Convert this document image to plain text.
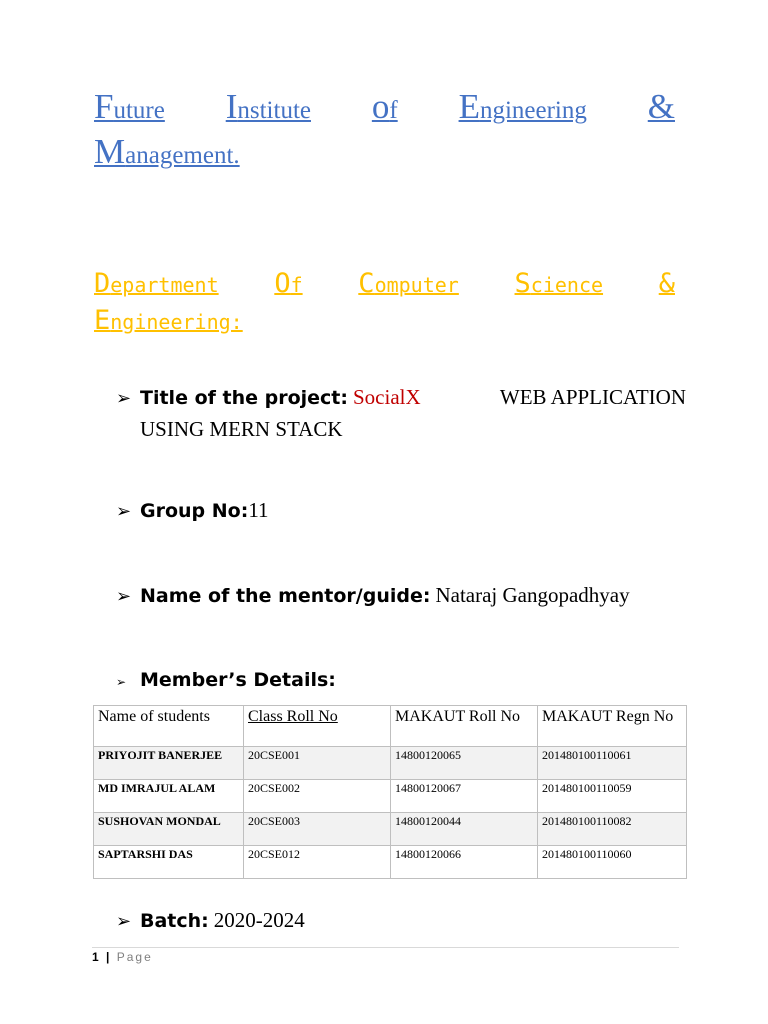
Future Institute of Engineering &
Management.
Department Of Computer Science &
Engineering:
➢ Title of the project: SocialX	WEB APPLICATION
USING MERN STACK
➢ Group No:11
➢ Name of the mentor/guide: Nataraj Gangopadhyay
➢ Member’s Details:
Name of students	Class Roll No	MAKAUT Roll No	MAKAUT Regn No
PRIYOJIT BANERJEE	20CSE001	14800120065	201480100110061
MD IMRAJUL ALAM	20CSE002	14800120067	201480100110059
SUSHOVAN MONDAL	20CSE003	14800120044	201480100110082
SAPTARSHI DAS	20CSE012	14800120066	201480100110060
➢ Batch: 2020-2024
1 | Page
